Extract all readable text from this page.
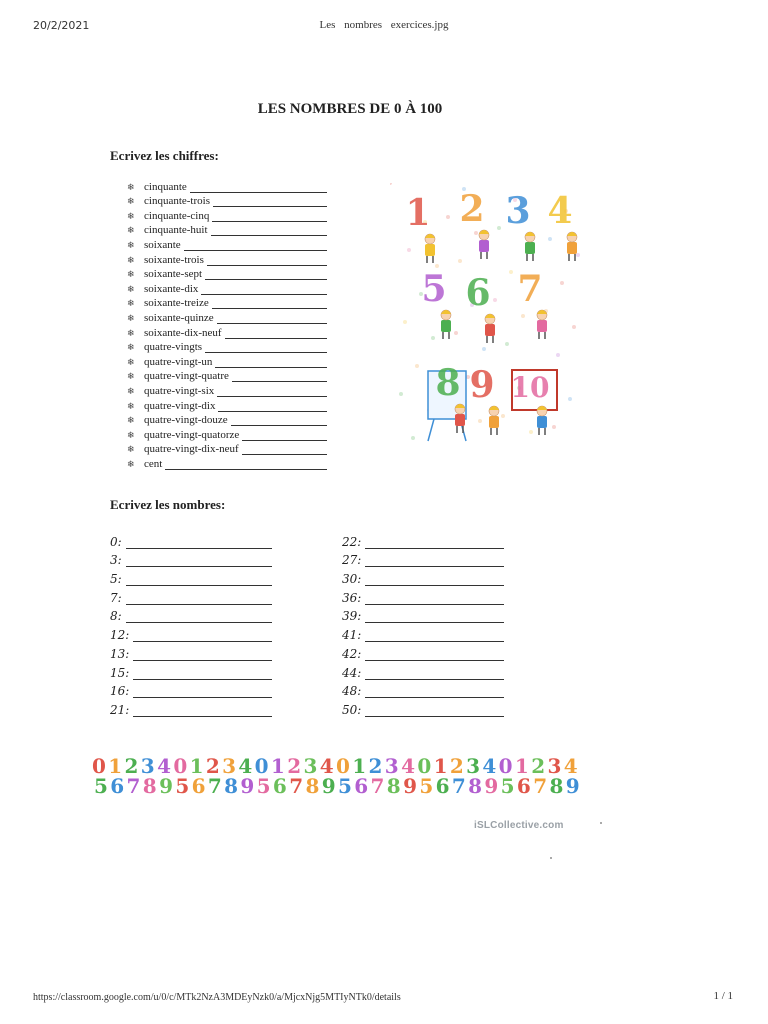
20/2/2021	Les nombres exercices.jpg
LES NOMBRES DE 0 À 100
Ecrivez les chiffres:
❄ cinquante
❄ cinquante-trois
❄ cinquante-cinq
❄ cinquante-huit
❄ soixante
❄ soixante-trois
❄ soixante-sept
❄ soixante-dix
❄ soixante-treize
❄ soixante-quinze
❄ soixante-dix-neuf
❄ quatre-vingts
❄ quatre-vingt-un
❄ quatre-vingt-quatre
❄ quatre-vingt-six
❄ quatre-vingt-dix
❄ quatre-vingt-douze
❄ quatre-vingt-quatorze
❄ quatre-vingt-dix-neuf
❄ cent
1 2 3 4
5 6 7
8 9 10
Ecrivez les nombres:
0:
3:
5:
7:
8:
12:
13:
15:
16:
21:
22:
27:
30:
36:
39:
41:
42:
44:
48:
50:
0 1 2 3 4 0 1 2 3 4 0 1 2 3 4 0 1 2 3 4 0 1 2 3 4 0 1 2 3 4
5 6 7 8 9 5 6 7 8 9 5 6 7 8 9 5 6 7 8 9 5 6 7 8 9 5 6 7 8 9
iSLCollective.com
https://classroom.google.com/u/0/c/MTk2NzA3MDEyNzk0/a/MjcxNjg5MTIyNTk0/details	1 / 1
